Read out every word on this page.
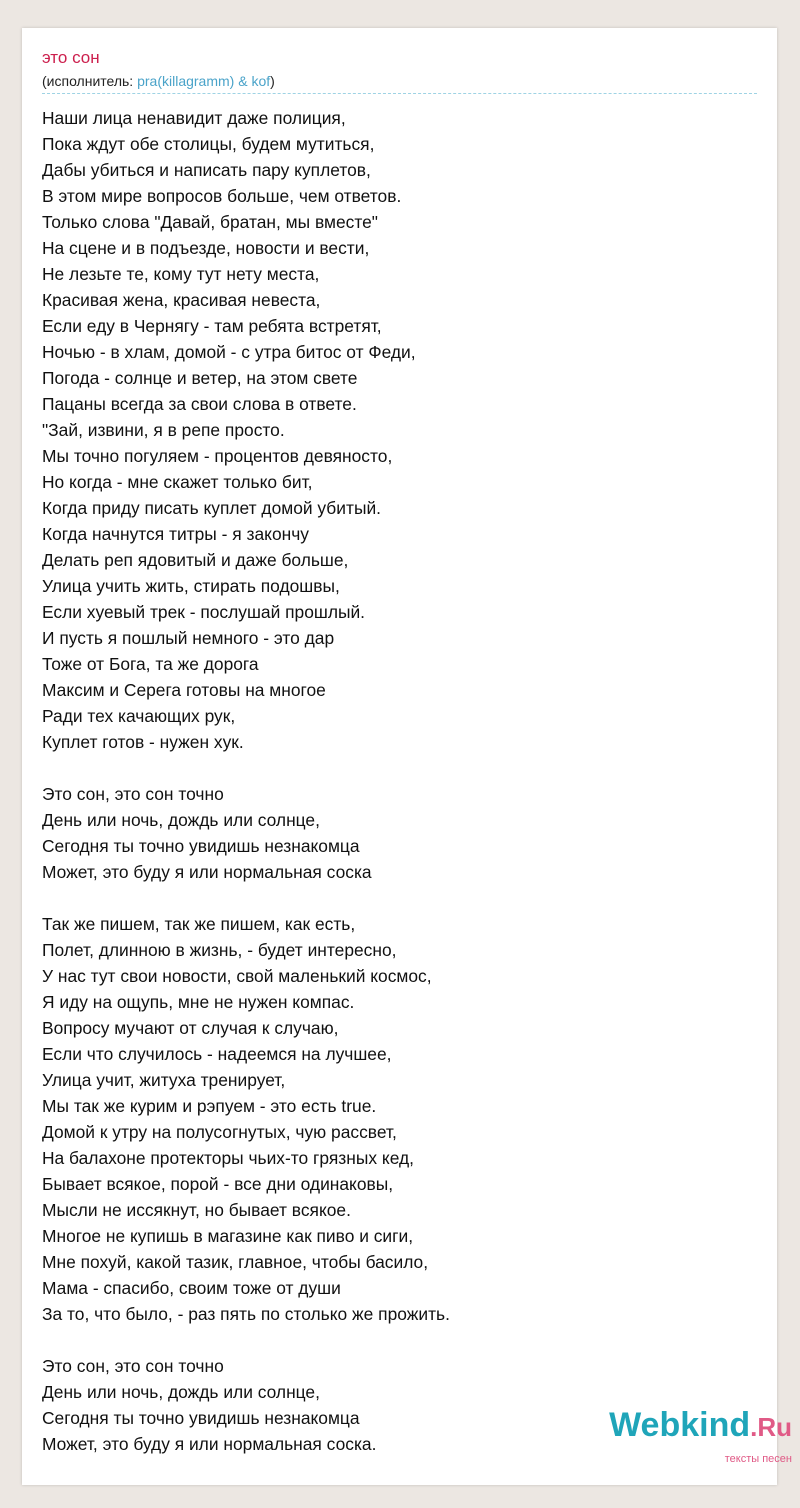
это сон
(исполнитель: pra(killagramm) & kof)
Наши лица ненавидит даже полиция,
Пока ждут обе столицы, будем мутиться,
Дабы убиться и написать пару куплетов,
В этом мире вопросов больше, чем ответов.
Только слова "Давай, братан, мы вместе"
На сцене и в подъезде, новости и вести,
Не лезьте те, кому тут нету места,
Красивая жена, красивая невеста,
Если еду в Чернягу - там ребята встретят,
Ночью - в хлам, домой - с утра битос от Феди,
Погода - солнце и ветер, на этом свете
Пацаны всегда за свои слова в ответе.
"Зай, извини, я в репе просто.
Мы точно погуляем - процентов девяносто,
Но когда - мне скажет только бит,
Когда приду писать куплет домой убитый.
Когда начнутся титры - я закончу
Делать реп ядовитый и даже больше,
Улица учить жить, стирать подошвы,
Если хуевый трек - послушай прошлый.
И пусть я пошлый немного - это дар
Тоже от Бога, та же дорога
Максим и Серега готовы на многое
Ради тех качающих рук,
Куплет готов - нужен хук.
Это сон, это сон точно
День или ночь, дождь или солнце,
Сегодня ты точно увидишь незнакомца
Может, это буду я или нормальная соска
Так же пишем, так же пишем, как есть,
Полет, длинною в жизнь, - будет интересно,
У нас тут свои новости, свой маленький космос,
Я иду на ощупь, мне не нужен компас.
Вопросу мучают от случая к случаю,
Если что случилось - надеемся на лучшее,
Улица учит, житуха тренирует,
Мы так же курим и рэпуем - это есть true.
Домой к утру на полусогнутых, чую рассвет,
На балахоне протекторы чьих-то грязных кед,
Бывает всякое, порой - все дни одинаковы,
Мысли не иссякнут, но бывает всякое.
Многое не купишь в магазине как пиво и сиги,
Мне похуй, какой тазик, главное, чтобы басило,
Мама - спасибо, своим тоже от души
За то, что было, - раз пять по столько же прожить.
Это сон, это сон точно
День или ночь, дождь или солнце,
Сегодня ты точно увидишь незнакомца
Может, это буду я или нормальная соска.	Webkind.Ru
тексты песен
